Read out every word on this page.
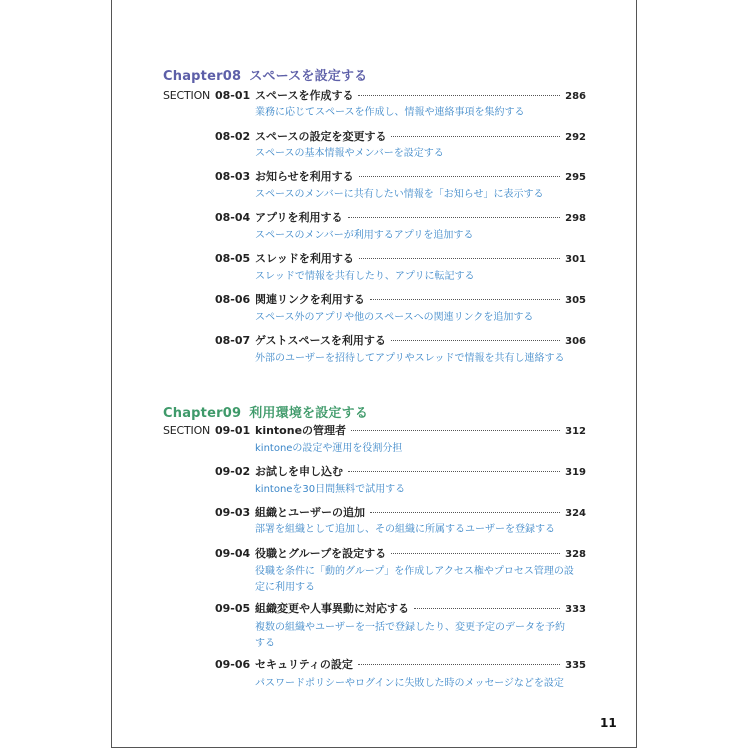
Chapter08 スペースを設定する
SECTION 08-01 スペースを作成する	286
業務に応じてスペースを作成し、情報や連絡事項を集約する
08-02 スペースの設定を変更する	292
スペースの基本情報やメンバーを設定する
08-03 お知らせを利用する	295
スペースのメンバーに共有したい情報を「お知らせ」に表示する
08-04 アプリを利用する	298
スペースのメンバーが利用するアプリを追加する
08-05 スレッドを利用する	301
スレッドで情報を共有したり、アプリに転記する
08-06 関連リンクを利用する	305
スペース外のアプリや他のスペースへの関連リンクを追加する
08-07 ゲストスペースを利用する	306
外部のユーザーを招待してアプリやスレッドで情報を共有し連絡する
Chapter09 利用環境を設定する
SECTION 09-01 kintoneの管理者	312
kintoneの設定や運用を役割分担
09-02 お試しを申し込む	319
kintoneを30日間無料で試用する
09-03 組織とユーザーの追加	324
部署を組織として追加し、その組織に所属するユーザーを登録する
09-04 役職とグループを設定する	328
役職を条件に「動的グループ」を作成しアクセス権やプロセス管理の設
定に利用する
09-05 組織変更や人事異動に対応する	333
複数の組織やユーザーを一括で登録したり、変更予定のデータを予約
する
09-06 セキュリティの設定	335
パスワードポリシーやログインに失敗した時のメッセージなどを設定
11
